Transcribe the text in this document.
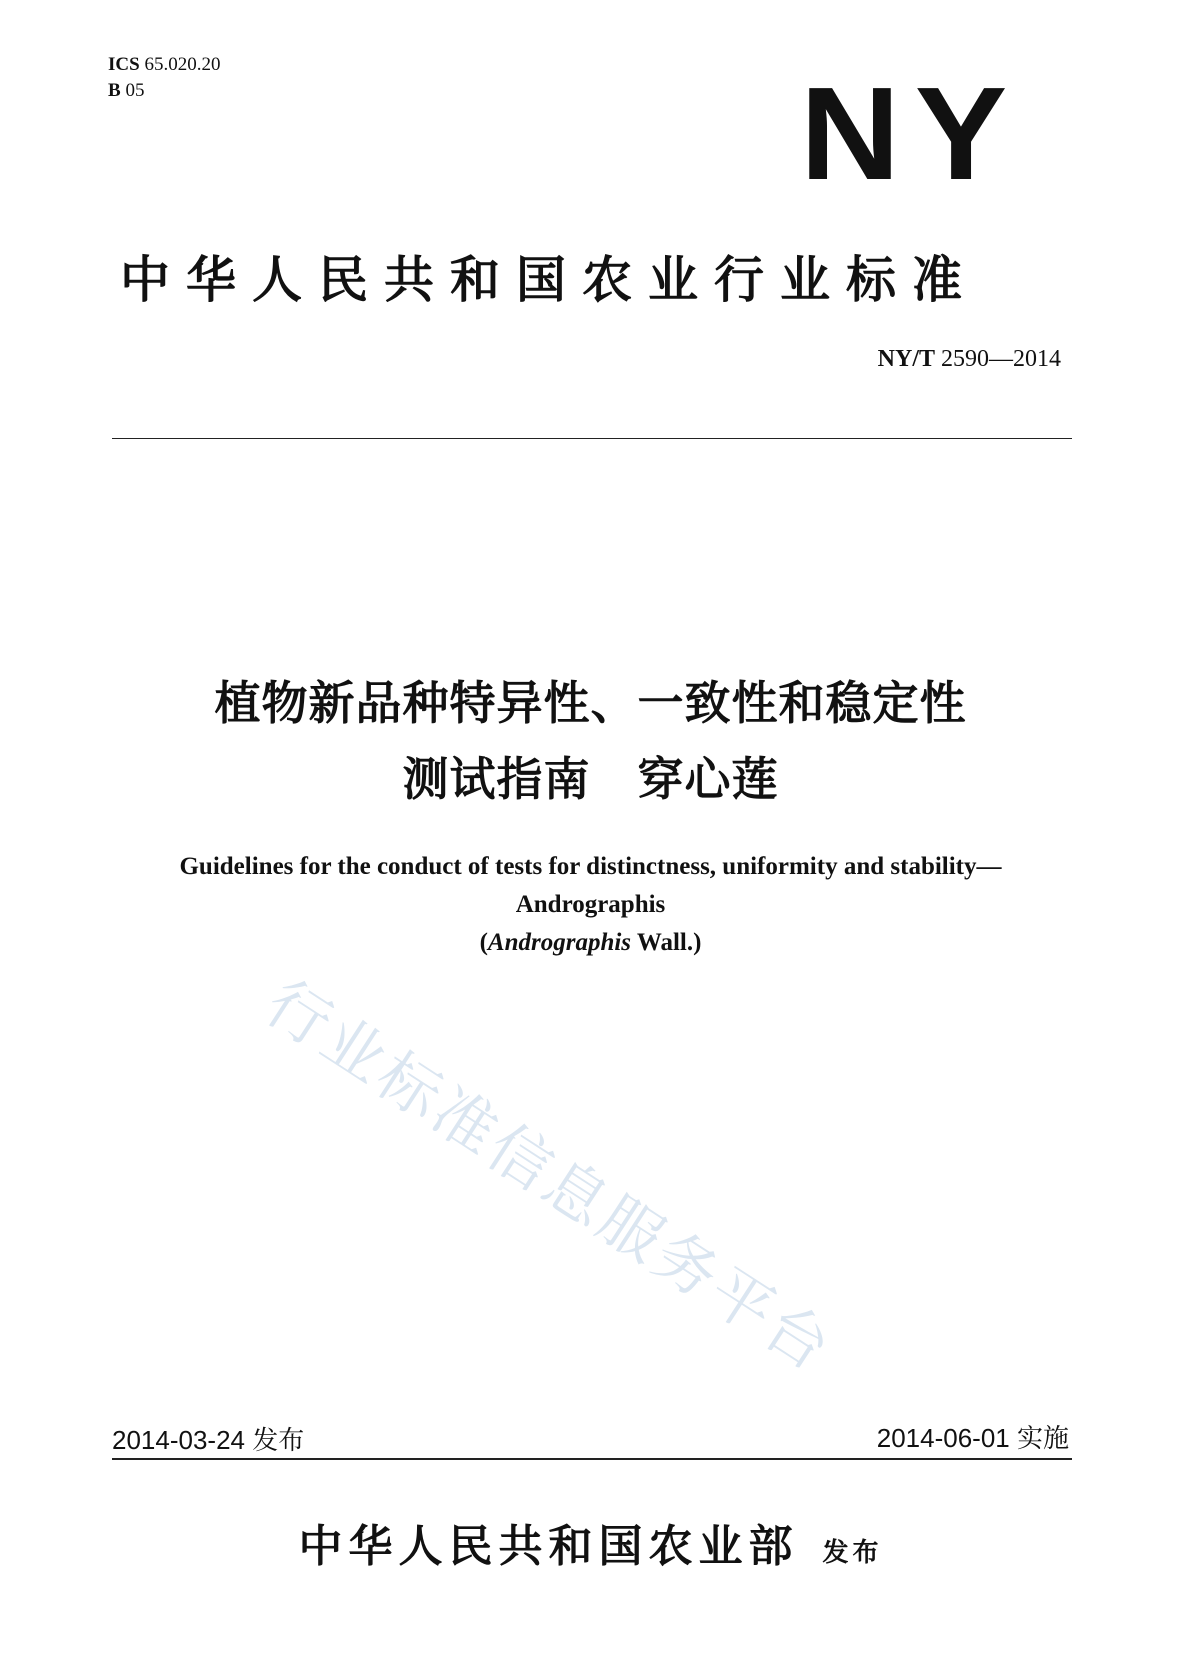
ICS 65.020.20
B 05	NY
中华人民共和国农业行业标准
NY/T 2590—2014
植物新品种特异性、一致性和稳定性
测试指南　穿心莲
Guidelines for the conduct of tests for distinctness, uniformity and stability—
Andrographis
(Andrographis Wall.)
行业标准信息服务平台
2014-03-24 发布	2014-06-01 实施
中华人民共和国农业部 发布
